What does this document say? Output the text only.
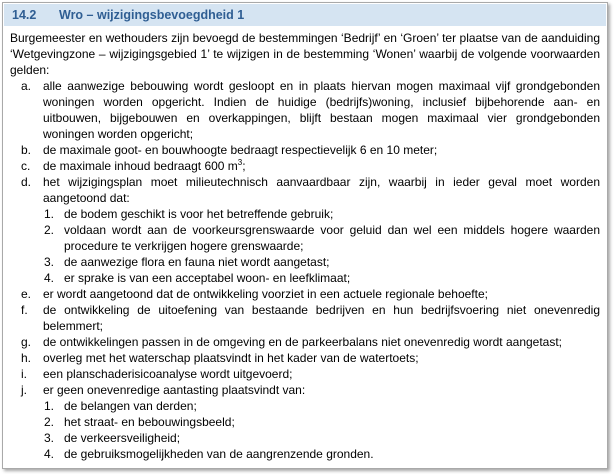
14.2 Wro – wijzigingsbevoegdheid 1
Burgemeester en wethouders zijn bevoegd de bestemmingen ‘Bedrijf’ en ‘Groen’ ter plaatse van de aanduiding ‘Wetgevingzone – wijzigingsgebied 1’ te wijzigen in de bestemming ‘Wonen’ waarbij de volgende voorwaarden gelden:
a. alle aanwezige bebouwing wordt gesloopt en in plaats hiervan mogen maximaal vijf grondgebonden woningen worden opgericht. Indien de huidige (bedrijfs)woning, inclusief bijbehorende aan- en uitbouwen, bijgebouwen en overkappingen, blijft bestaan mogen maximaal vier grondgebonden woningen worden opgericht;
b. de maximale goot- en bouwhoogte bedraagt respectievelijk 6 en 10 meter;
c.	de maximale inhoud bedraagt 600 $m^3$;
d. het wijzigingsplan moet milieutechnisch aanvaardbaar zijn, waarbij in ieder geval moet worden aangetoond dat:
1. de bodem geschikt is voor het betreffende gebruik;
2. voldaan wordt aan de voorkeursgrenswaarde voor geluid dan wel een middels hogere waarden procedure te verkrijgen hogere grenswaarde;
3. de aanwezige flora en fauna niet wordt aangetast;
4. er sprake is van een acceptabel woon- en leefklimaat;
e. er wordt aangetoond dat de ontwikkeling voorziet in een actuele regionale behoefte;
f.	de ontwikkeling de uitoefening van bestaande bedrijven en hun bedrijfsvoering niet onevenredig belemmert;
g. de ontwikkelingen passen in de omgeving en de parkeerbalans niet onevenredig wordt aangetast;
h. overleg met het waterschap plaatsvindt in het kader van de watertoets;
i.	een planschaderisicoanalyse wordt uitgevoerd;
j.	er geen onevenredige aantasting plaatsvindt van:
1. de belangen van derden;
2. het straat- en bebouwingsbeeld;
3. de verkeersveiligheid;
4. de gebruiksmogelijkheden van de aangrenzende gronden.
